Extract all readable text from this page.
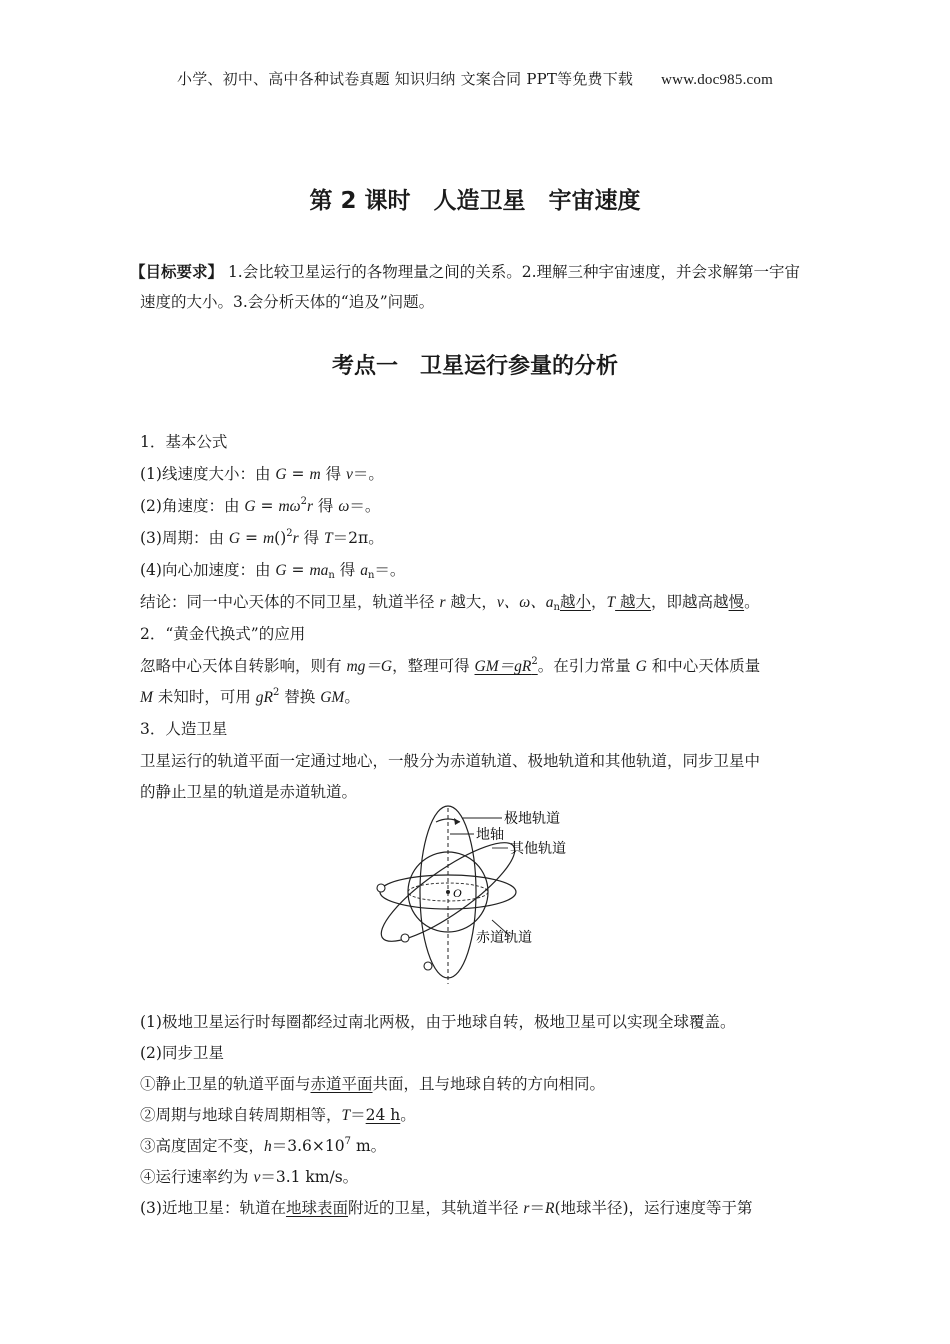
小学、初中、高中各种试卷真题 知识归纳 文案合同 PPT等免费下载 www.doc985.com
第 2 课时　人造卫星　宇宙速度
【目标要求】 1.会比较卫星运行的各物理量之间的关系。2.理解三种宇宙速度，并会求解第一宇宙速度的大小。3.会分析天体的“追及”问题。
考点一　卫星运行参量的分析
1．基本公式
(1)线速度大小：由 G = m 得 v＝。
(2)角速度：由 $G = m\omega^2r$ 得 ω＝。
(3)周期：由 G = m()$^2$r 得 T＝2π。
(4)向心加速度：由 $G = ma_n$ 得 $a_n=$。
结论：同一中心天体的不同卫星，轨道半径 r 越大，v、ω、$a_n$越小，T 越大，即越高越慢。
2．“黄金代换式”的应用
忽略中心天体自转影响，则有 mg＝G，整理可得 $GM=gR^2$。在引力常量 G 和中心天体质量
M 未知时，可用 $gR^2$ 替换 GM。
3．人造卫星
卫星运行的轨道平面一定通过地心，一般分为赤道轨道、极地轨道和其他轨道，同步卫星中
的静止卫星的轨道是赤道轨道。
O
极地轨道
地轴
其他轨道
赤道轨道
(1)极地卫星运行时每圈都经过南北两极，由于地球自转，极地卫星可以实现全球覆盖。
(2)同步卫星
①静止卫星的轨道平面与赤道平面共面，且与地球自转的方向相同。
②周期与地球自转周期相等，T＝24 h。
③高度固定不变，$h=3.6\times 10^7$ m。
④运行速率约为 v＝3.1 km/s。
(3)近地卫星：轨道在地球表面附近的卫星，其轨道半径 r＝R(地球半径)，运行速度等于第
